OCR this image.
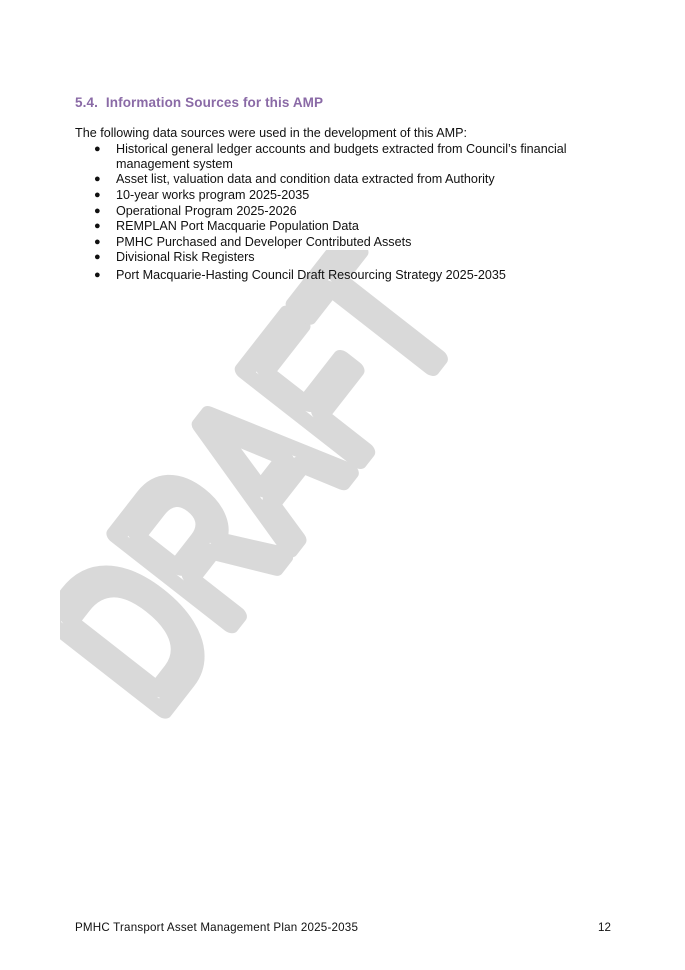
DRAFT
5.4. Information Sources for this AMP
The following data sources were used in the development of this AMP:
● Historical general ledger accounts and budgets extracted from Council’s financial management system
● Asset list, valuation data and condition data extracted from Authority
● 10-year works program 2025-2035
● Operational Program 2025-2026
● REMPLAN Port Macquarie Population Data
● PMHC Purchased and Developer Contributed Assets
● Divisional Risk Registers
● Port Macquarie-Hasting Council Draft Resourcing Strategy 2025-2035
PMHC Transport Asset Management Plan 2025-2035	12
